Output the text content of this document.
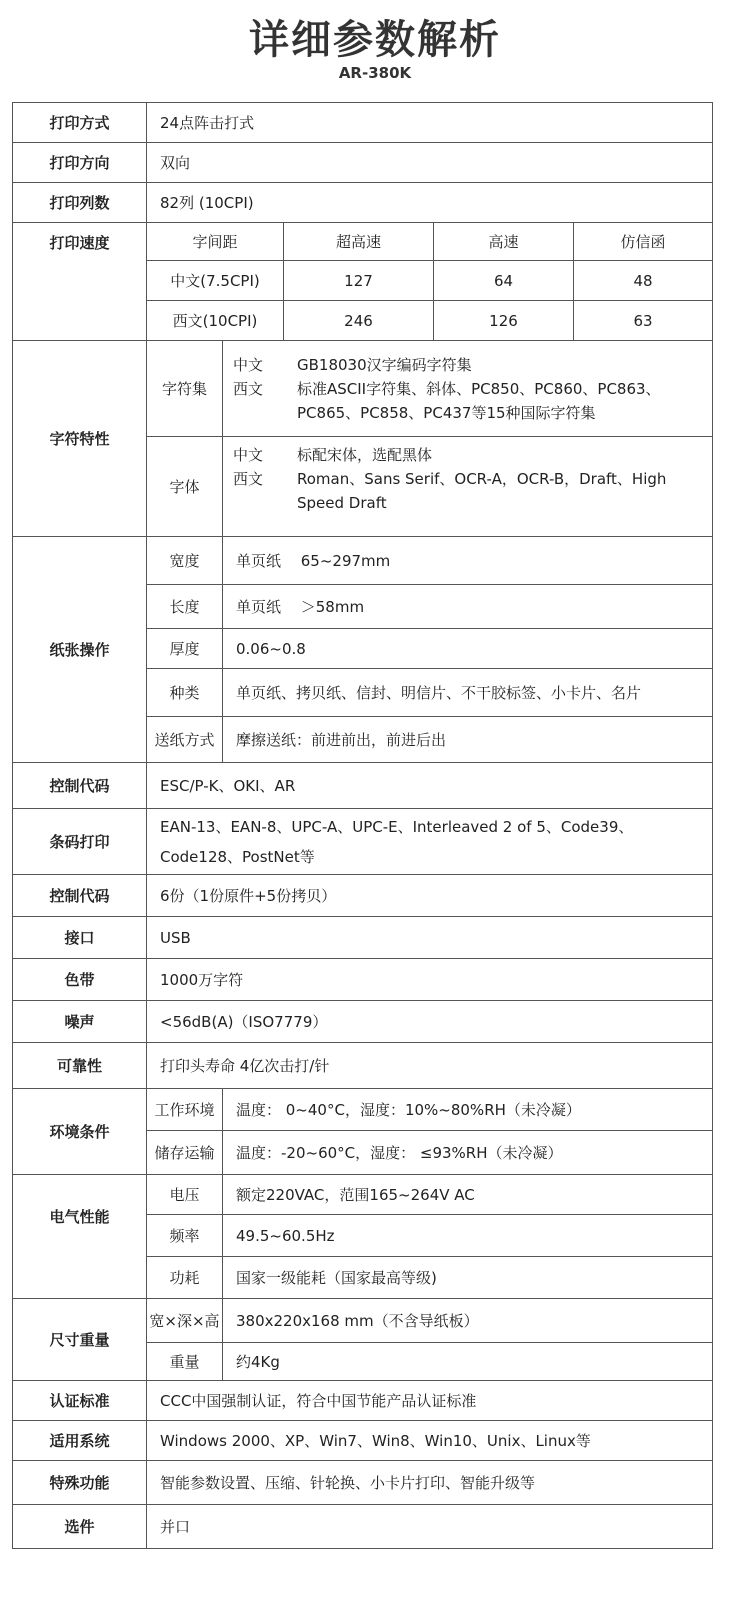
详细参数解析
AR-380K
打印方式	24点阵击打式				
打印方向	双向				
打印列数	82列 (10CPI)				
打印速度	字间距		超高速	高速	仿信函
	中文(7.5CPI)		127	64	48
	西文(10CPI)		246	126	63
字符特性	字符集	中文 GB18030汉字编码字符集
西文 标准ASCII字符集、斜体、PC850、PC860、PC863、PC865、PC858、PC437等15种国际字符集			

	字体	中文 标配宋体，选配黑体
西文 Roman、Sans Serif、OCR-A，OCR-B，Draft、High Speed Draft			

纸张操作	宽度	单页纸　 65~297mm			
	长度	单页纸　 ＞58mm			
	厚度	0.06~0.8			
	种类	单页纸、拷贝纸、信封、明信片、不干胶标签、小卡片、名片			
	送纸方式	摩擦送纸：前进前出，前进后出			
控制代码	ESC/P-K、OKI、AR				
条码打印	EAN-13、EAN-8、UPC-A、UPC-E、Interleaved 2 of 5、Code39、Code128、PostNet等				
控制代码	6份（1份原件+5份拷贝）				
接口	USB				
色带	1000万字符				
噪声	<56dB(A)（ISO7779）				
可靠性	打印头寿命 4亿次击打/针				
环境条件	工作环境	温度： 0~40°C，湿度：10%~80%RH（未冷凝）			
	储存运输	温度：-20~60°C，湿度： ≤93%RH（未冷凝）			
电气性能	电压	额定220VAC，范围165~264V AC			
	频率	49.5~60.5Hz			
	功耗	国家一级能耗（国家最高等级)			
尺寸重量	宽×深×高	380x220x168 mm（不含导纸板）			
	重量	约4Kg			
认证标准	CCC中国强制认证，符合中国节能产品认证标准				
适用系统	Windows 2000、XP、Win7、Win8、Win10、Unix、Linux等				
特殊功能	智能参数设置、压缩、针轮换、小卡片打印、智能升级等				
选件	并口				
